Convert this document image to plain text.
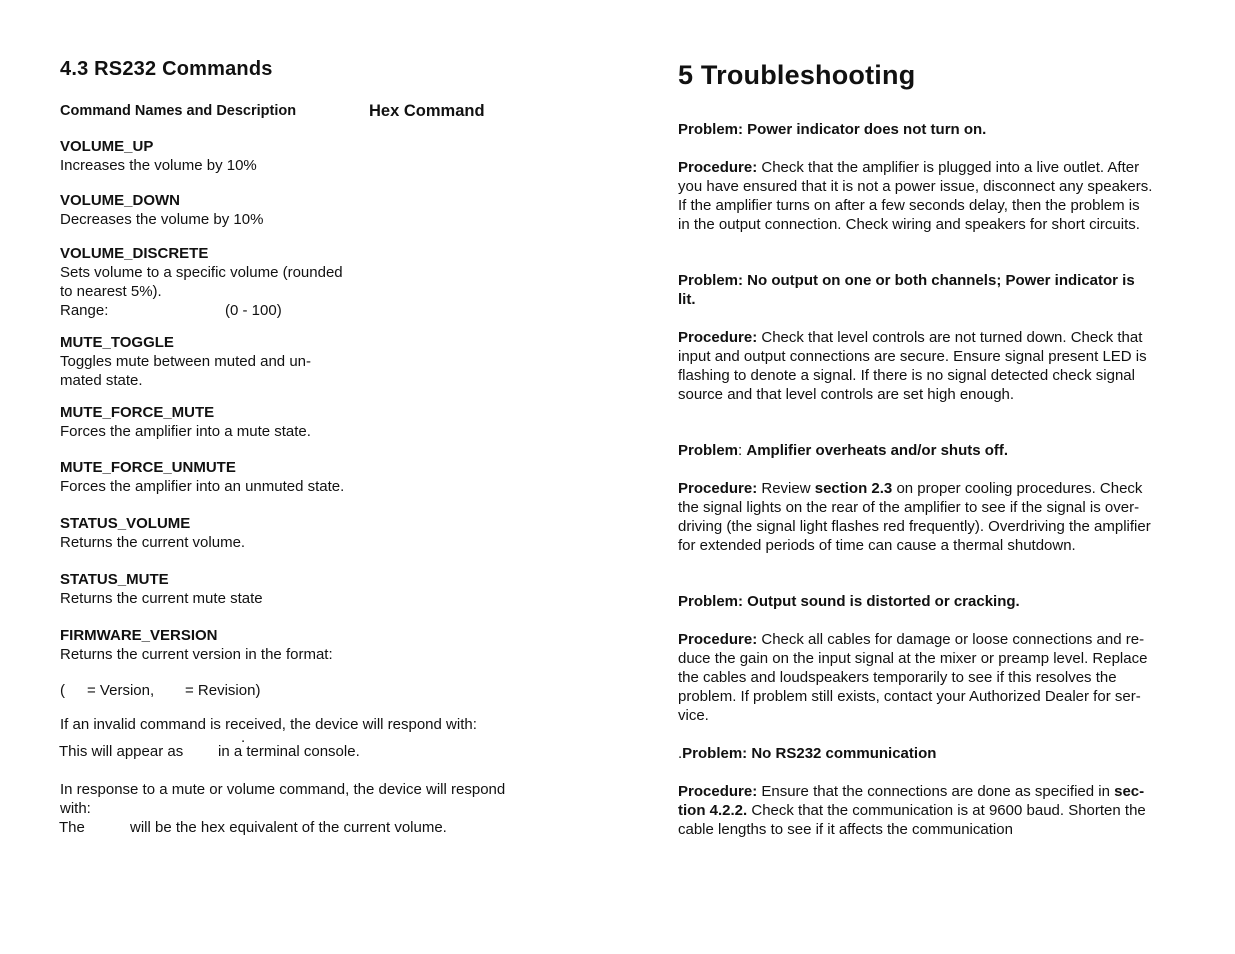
4.3 RS232 Commands
Command Names and Description	Hex Command
VOLUME_UP
Increases the volume by 10%
VOLUME_DOWN
Decreases the volume by 10%
VOLUME_DISCRETE
Sets volume to a specific volume (rounded
to nearest 5%).
Range:	(0 - 100)
MUTE_TOGGLE
Toggles mute between muted and un-
mated state.
MUTE_FORCE_MUTE
Forces the amplifier into a mute state.
MUTE_FORCE_UNMUTE
Forces the amplifier into an unmuted state.
STATUS_VOLUME
Returns the current volume.
STATUS_MUTE
Returns the current mute state
FIRMWARE_VERSION
Returns the current version in the format:
( = Version, = Revision)
If an invalid command is received, the device will respond with:
.
This will appear as in a terminal console.
In response to a mute or volume command, the device will respond
with:
The	will be the hex equivalent of the current volume.
5 Troubleshooting
Problem: Power indicator does not turn on.
Procedure: Check that the amplifier is plugged into a live outlet. After
you have ensured that it is not a power issue, disconnect any speakers.
If the amplifier turns on after a few seconds delay, then the problem is
in the output connection. Check wiring and speakers for short circuits.
Problem: No output on one or both channels; Power indicator is
lit.
Procedure: Check that level controls are not turned down. Check that
input and output connections are secure. Ensure signal present LED is
flashing to denote a signal. If there is no signal detected check signal
source and that level controls are set high enough.
Problem: Amplifier overheats and/or shuts off.
Procedure: Review section 2.3 on proper cooling procedures. Check
the signal lights on the rear of the amplifier to see if the signal is over-
driving (the signal light flashes red frequently). Overdriving the amplifier
for extended periods of time can cause a thermal shutdown.
Problem: Output sound is distorted or cracking.
Procedure: Check all cables for damage or loose connections and re-
duce the gain on the input signal at the mixer or preamp level. Replace
the cables and loudspeakers temporarily to see if this resolves the
problem. If problem still exists, contact your Authorized Dealer for ser-
vice.
.Problem: No RS232 communication
Procedure: Ensure that the connections are done as specified in sec-
tion 4.2.2. Check that the communication is at 9600 baud. Shorten the
cable lengths to see if it affects the communication
